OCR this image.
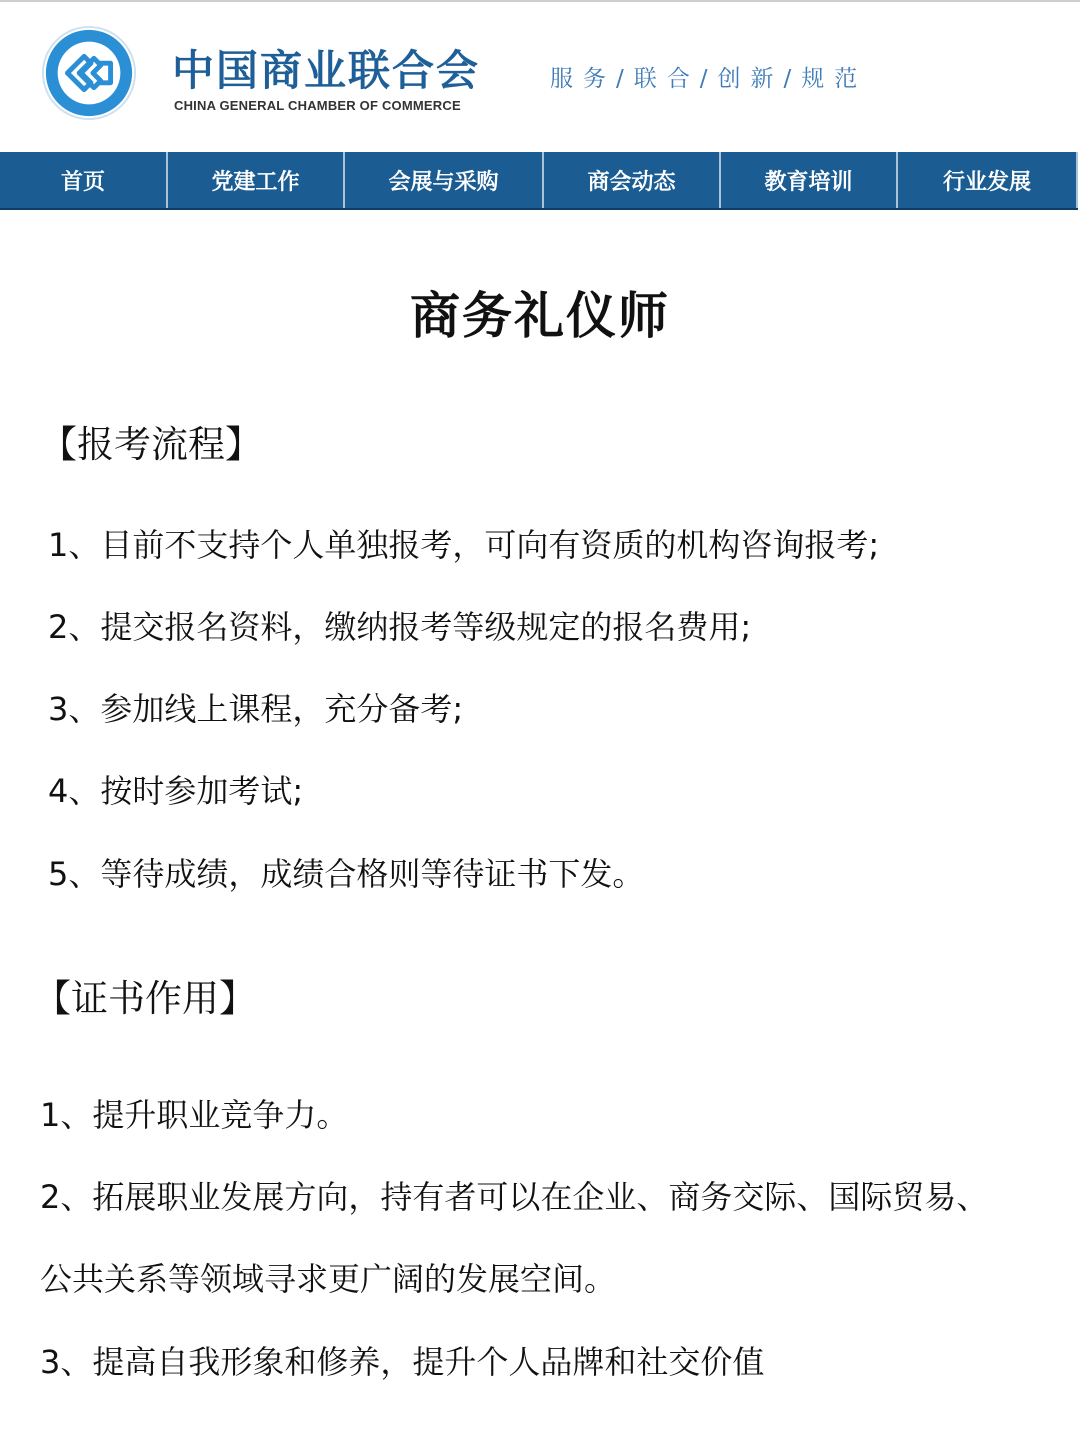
中国商业联合会
CHINA GENERAL CHAMBER OF COMMERCE
服务/联合/创新/规范
首页	党建工作	会展与采购	商会动态	教育培训	行业发展
商务礼仪师
【报考流程】
1、目前不支持个人单独报考，可向有资质的机构咨询报考;
2、提交报名资料，缴纳报考等级规定的报名费用;
3、参加线上课程，充分备考;
4、按时参加考试;
5、等待成绩，成绩合格则等待证书下发。
【证书作用】
1、提升职业竞争力。
2、拓展职业发展方向，持有者可以在企业、商务交际、国际贸易、
公共关系等领域寻求更广阔的发展空间。
3、提高自我形象和修养，提升个人品牌和社交价值
